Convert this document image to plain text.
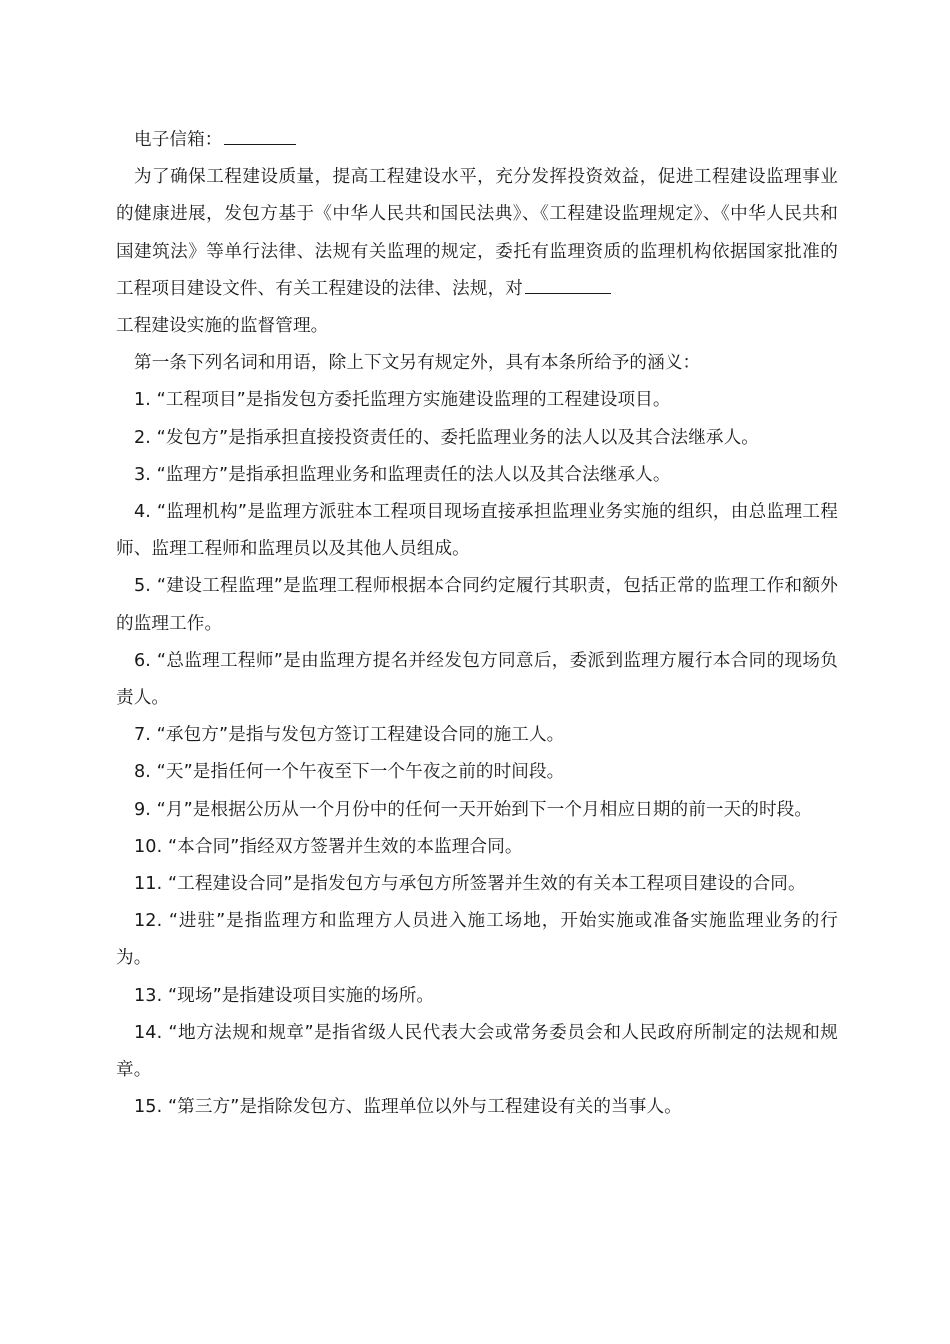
电子信箱：

为了确保工程建设质量，提高工程建设水平，充分发挥投资效益，促进工程建设监理事业的健康进展，发包方基于《中华人民共和国民法典》、《工程建设监理规定》、《中华人民共和国建筑法》等单行法律、法规有关监理的规定，委托有监理资质的监理机构依据国家批准的工程项目建设文件、有关工程建设的法律、法规，对
工程建设实施的监督管理。

第一条下列名词和用语，除上下文另有规定外，具有本条所给予的涵义：

1. “工程项目”是指发包方委托监理方实施建设监理的工程建设项目。

2. “发包方”是指承担直接投资责任的、委托监理业务的法人以及其合法继承人。

3. “监理方”是指承担监理业务和监理责任的法人以及其合法继承人。

4. “监理机构”是监理方派驻本工程项目现场直接承担监理业务实施的组织，由总监理工程师、监理工程师和监理员以及其他人员组成。

5. “建设工程监理”是监理工程师根据本合同约定履行其职责，包括正常的监理工作和额外的监理工作。

6. “总监理工程师”是由监理方提名并经发包方同意后，委派到监理方履行本合同的现场负责人。

7. “承包方”是指与发包方签订工程建设合同的施工人。

8. “天”是指任何一个午夜至下一个午夜之前的时间段。

9. “月”是根据公历从一个月份中的任何一天开始到下一个月相应日期的前一天的时段。

10. “本合同”指经双方签署并生效的本监理合同。

11. “工程建设合同”是指发包方与承包方所签署并生效的有关本工程项目建设的合同。

12. “进驻”是指监理方和监理方人员进入施工场地，开始实施或准备实施监理业务的行为。

13. “现场”是指建设项目实施的场所。

14. “地方法规和规章”是指省级人民代表大会或常务委员会和人民政府所制定的法规和规章。

15. “第三方”是指除发包方、监理单位以外与工程建设有关的当事人。
